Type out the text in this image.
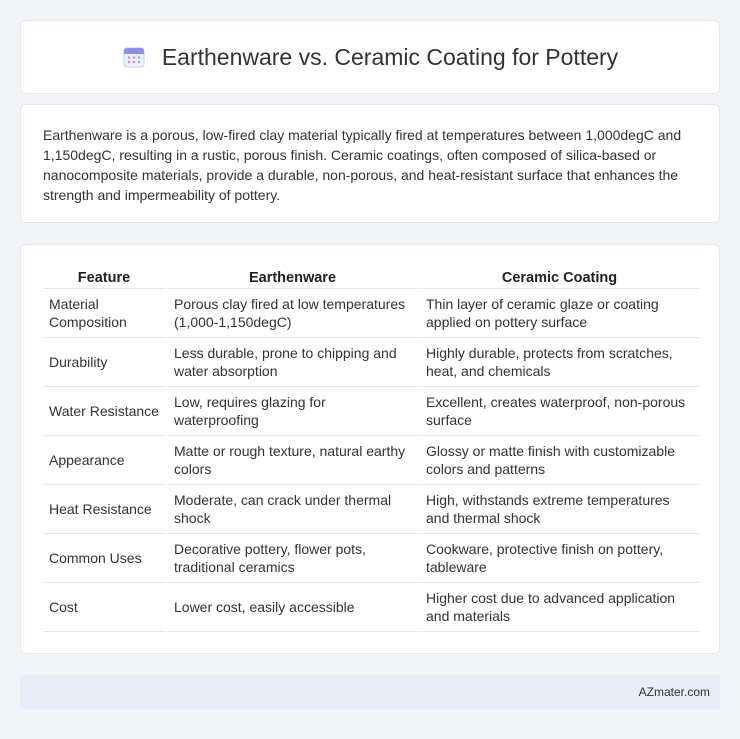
Earthenware vs. Ceramic Coating for Pottery

Earthenware is a porous, low-fired clay material typically fired at temperatures between 1,000degC and 1,150degC, resulting in a rustic, porous finish. Ceramic coatings, often composed of silica-based or nanocomposite materials, provide a durable, non-porous, and heat-resistant surface that enhances the strength and impermeability of pottery.

Feature	Earthenware	Ceramic Coating
Material Composition	Porous clay fired at low temperatures (1,000-1,150degC)	Thin layer of ceramic glaze or coating applied on pottery surface
Durability	Less durable, prone to chipping and water absorption	Highly durable, protects from scratches, heat, and chemicals
Water Resistance	Low, requires glazing for waterproofing	Excellent, creates waterproof, non-porous surface
Appearance	Matte or rough texture, natural earthy colors	Glossy or matte finish with customizable colors and patterns
Heat Resistance	Moderate, can crack under thermal shock	High, withstands extreme temperatures and thermal shock
Common Uses	Decorative pottery, flower pots, traditional ceramics	Cookware, protective finish on pottery, tableware
Cost	Lower cost, easily accessible	Higher cost due to advanced application and materials
AZmater.com
